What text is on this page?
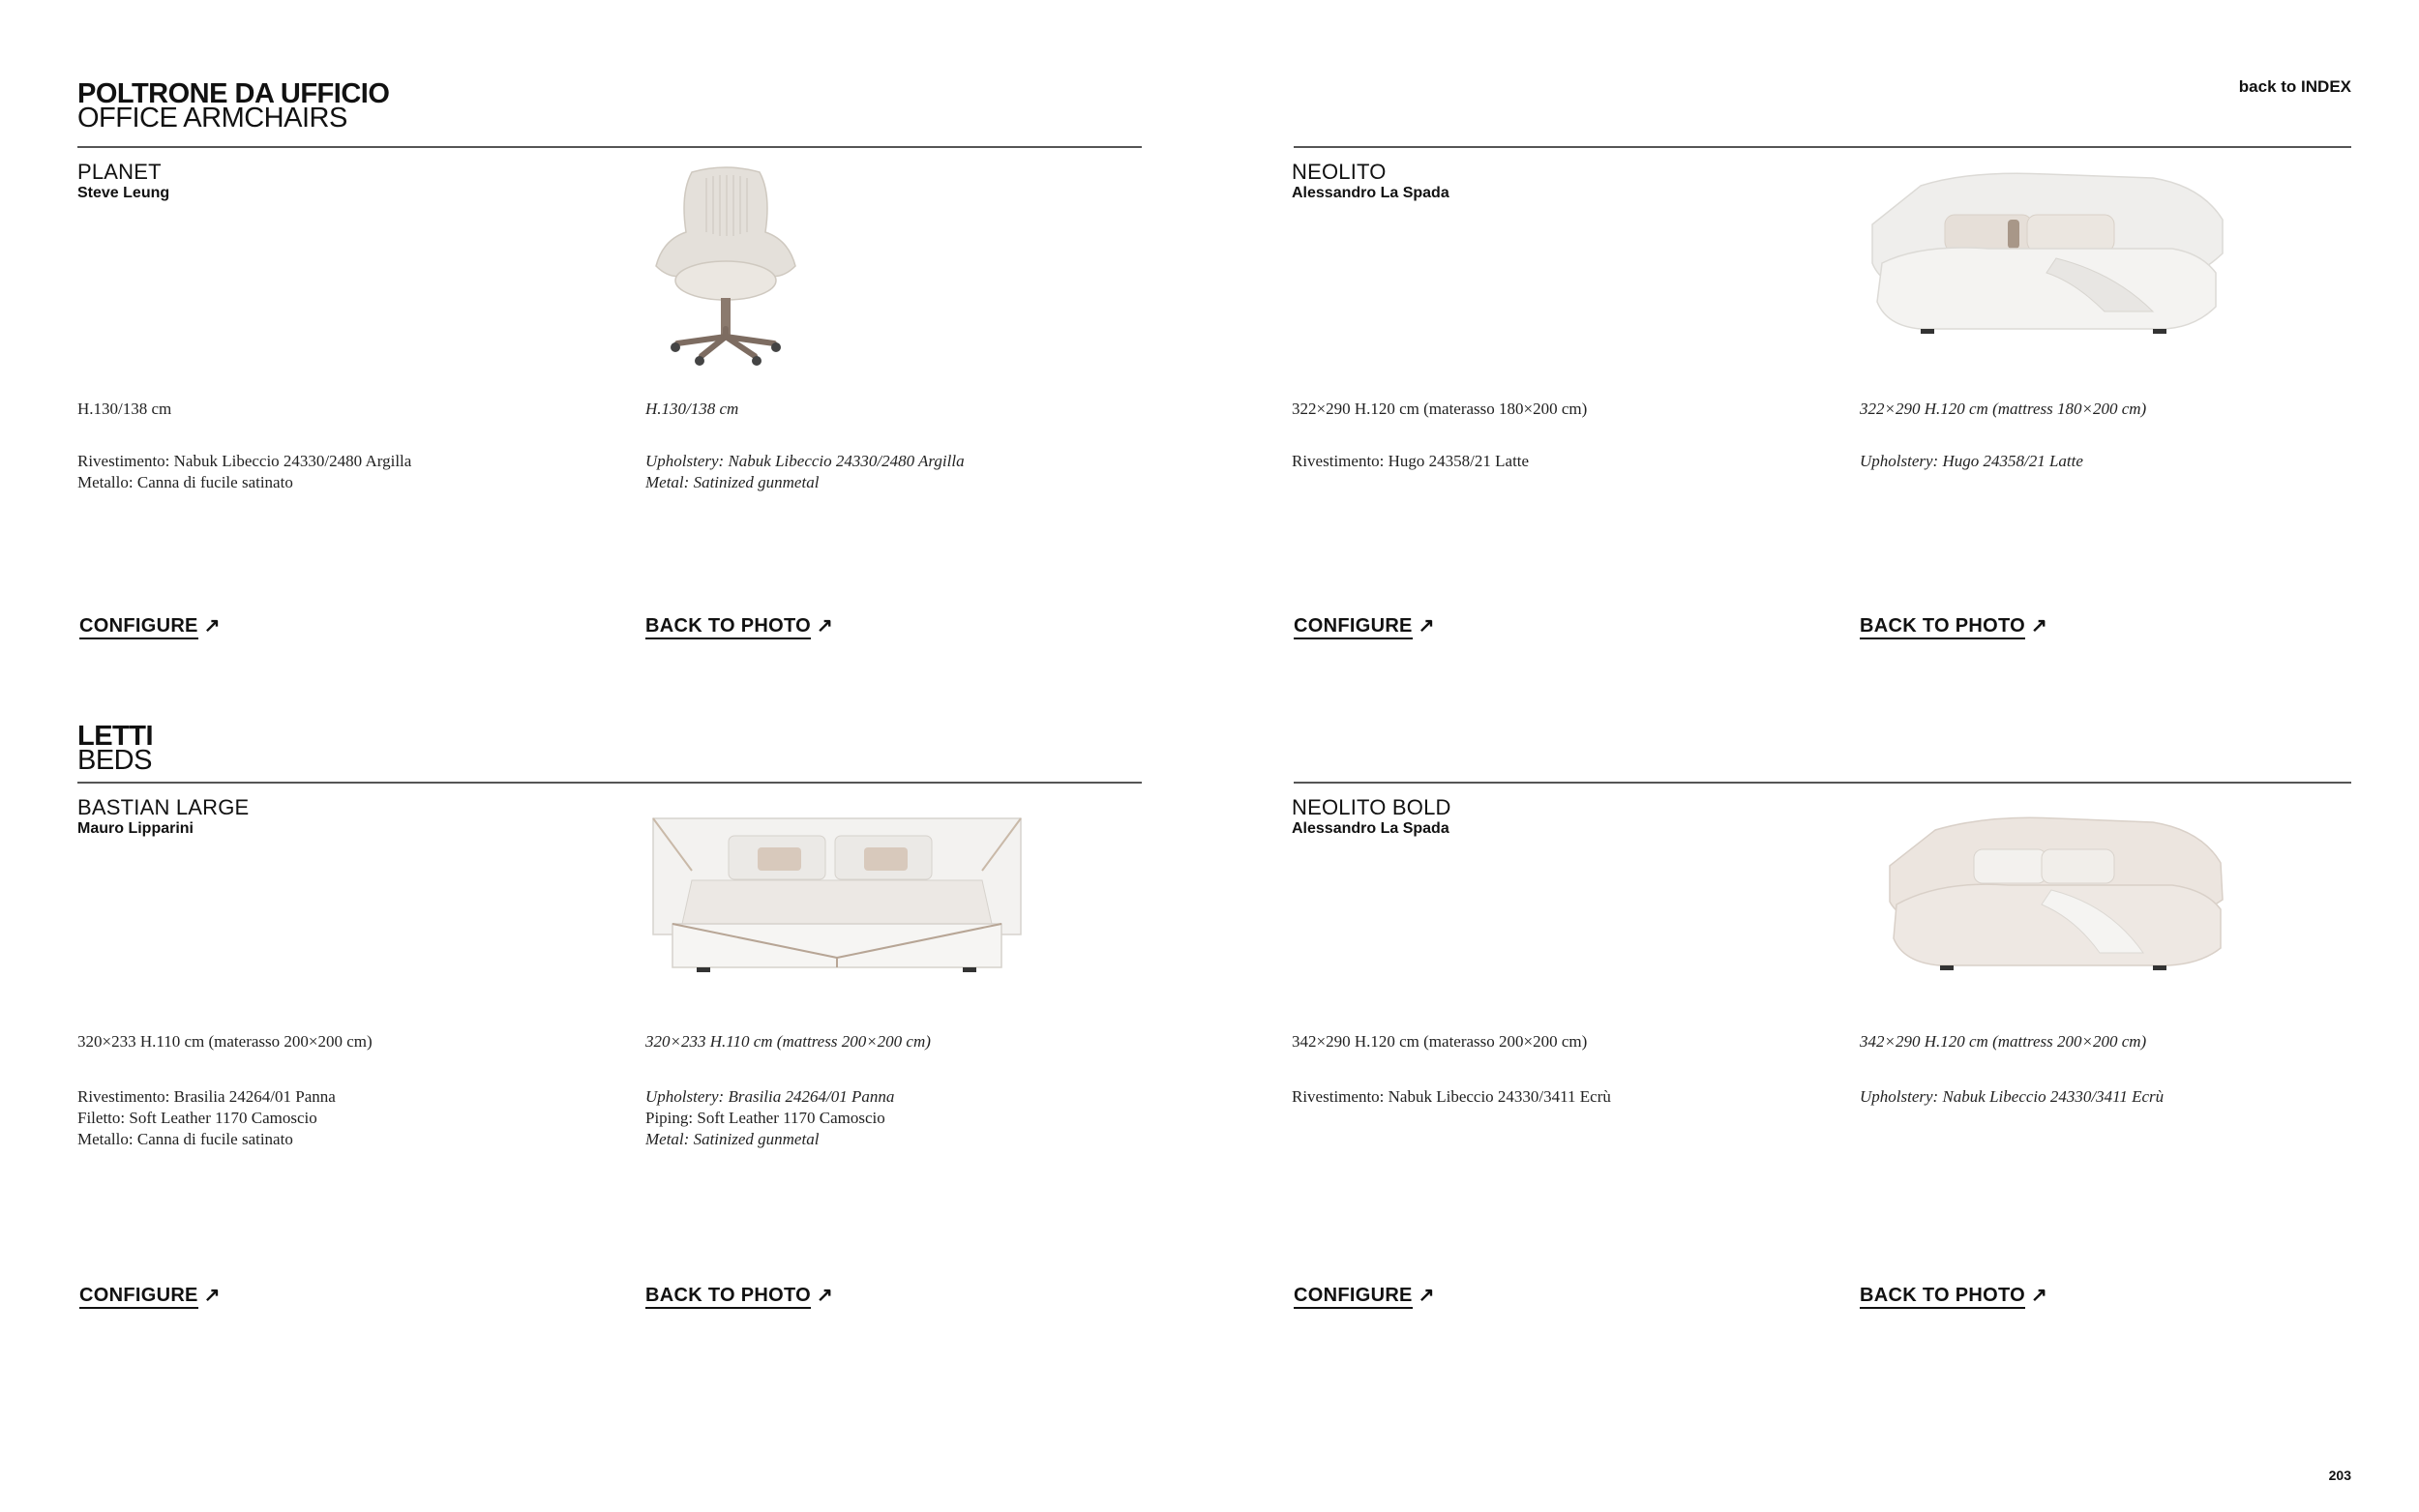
back to INDEX
POLTRONE DA UFFICIO
OFFICE ARMCHAIRS
PLANET
Steve Leung
H.130/138 cm	H.130/138 cm
Rivestimento: Nabuk Libeccio 24330/2480 Argilla
Metallo: Canna di fucile satinato
Upholstery: Nabuk Libeccio 24330/2480 Argilla
Metal: Satinized gunmetal
CONFIGURE ↗	BACK TO PHOTO ↗
NEOLITO
Alessandro La Spada
322×290 H.120 cm (materasso 180×200 cm)	322×290 H.120 cm (mattress 180×200 cm)
Rivestimento: Hugo 24358/21 Latte	Upholstery: Hugo 24358/21 Latte
CONFIGURE ↗	BACK TO PHOTO ↗
LETTI
BEDS
BASTIAN LARGE
Mauro Lipparini
320×233 H.110 cm (materasso 200×200 cm)	320×233 H.110 cm (mattress 200×200 cm)
Rivestimento: Brasilia 24264/01 Panna
Filetto: Soft Leather 1170 Camoscio
Metallo: Canna di fucile satinato
Upholstery: Brasilia 24264/01 Panna
Piping: Soft Leather 1170 Camoscio
Metal: Satinized gunmetal
CONFIGURE ↗	BACK TO PHOTO ↗
NEOLITO BOLD
Alessandro La Spada
342×290 H.120 cm (materasso 200×200 cm)	342×290 H.120 cm (mattress 200×200 cm)
Rivestimento: Nabuk Libeccio 24330/3411 Ecrù	Upholstery: Nabuk Libeccio 24330/3411 Ecrù
CONFIGURE ↗	BACK TO PHOTO ↗
203
